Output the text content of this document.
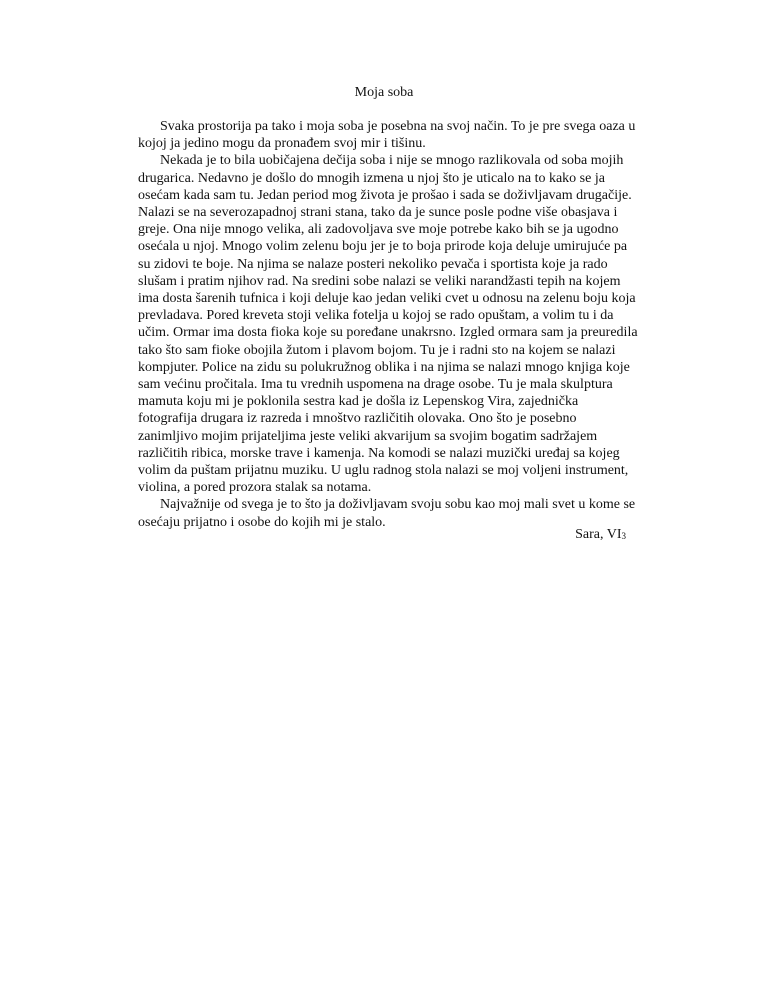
Moja soba

Svaka prostorija pa tako i moja soba je posebna na svoj način. To je pre svega oaza u kojoj ja jedino mogu da pronađem svoj mir i tišinu.

Nekada je to bila uobičajena dečija soba i nije se mnogo razlikovala od soba mojih drugarica. Nedavno je došlo do mnogih izmena u njoj što je uticalo na to kako se ja osećam kada sam tu. Jedan period mog života je prošao i sada se doživljavam drugačije. Nalazi se na severozapadnoj strani stana, tako da je sunce posle podne više obasjava i greje. Ona nije mnogo velika, ali zadovoljava sve moje potrebe kako bih se ja ugodno osećala u njoj. Mnogo volim zelenu boju jer je to boja prirode koja deluje umirujuće pa su zidovi te boje. Na njima se nalaze posteri nekoliko pevača i sportista koje ja rado slušam i pratim njihov rad. Na sredini sobe nalazi se veliki narandžasti tepih na kojem ima dosta šarenih tufnica i koji deluje kao jedan veliki cvet u odnosu na zelenu boju koja prevladava. Pored kreveta stoji velika fotelja u kojoj se rado opuštam, a volim tu i da učim. Ormar ima dosta fioka koje su poređane unakrsno. Izgled ormara sam ja preuredila tako što sam fioke obojila žutom i plavom bojom. Tu je i radni sto na kojem se nalazi kompjuter. Police na zidu su polukružnog oblika i na njima se nalazi mnogo knjiga koje sam većinu pročitala. Ima tu vrednih uspomena na drage osobe. Tu je mala skulptura mamuta koju mi je poklonila sestra kad je došla iz Lepenskog Vira, zajednička fotografija drugara iz razreda i mnoštvo različitih olovaka. Ono što je posebno zanimljivo mojim prijateljima jeste veliki akvarijum sa svojim bogatim sadržajem različitih ribica, morske trave i kamenja. Na komodi se nalazi muzički uređaj sa kojeg volim da puštam prijatnu muziku. U uglu radnog stola nalazi se moj voljeni instrument, violina, a pored prozora stalak sa notama.

Najvažnije od svega je to što ja doživljavam svoju sobu kao moj mali svet u kome se osećaju prijatno i osobe do kojih mi je stalo.

Sara, VI3
